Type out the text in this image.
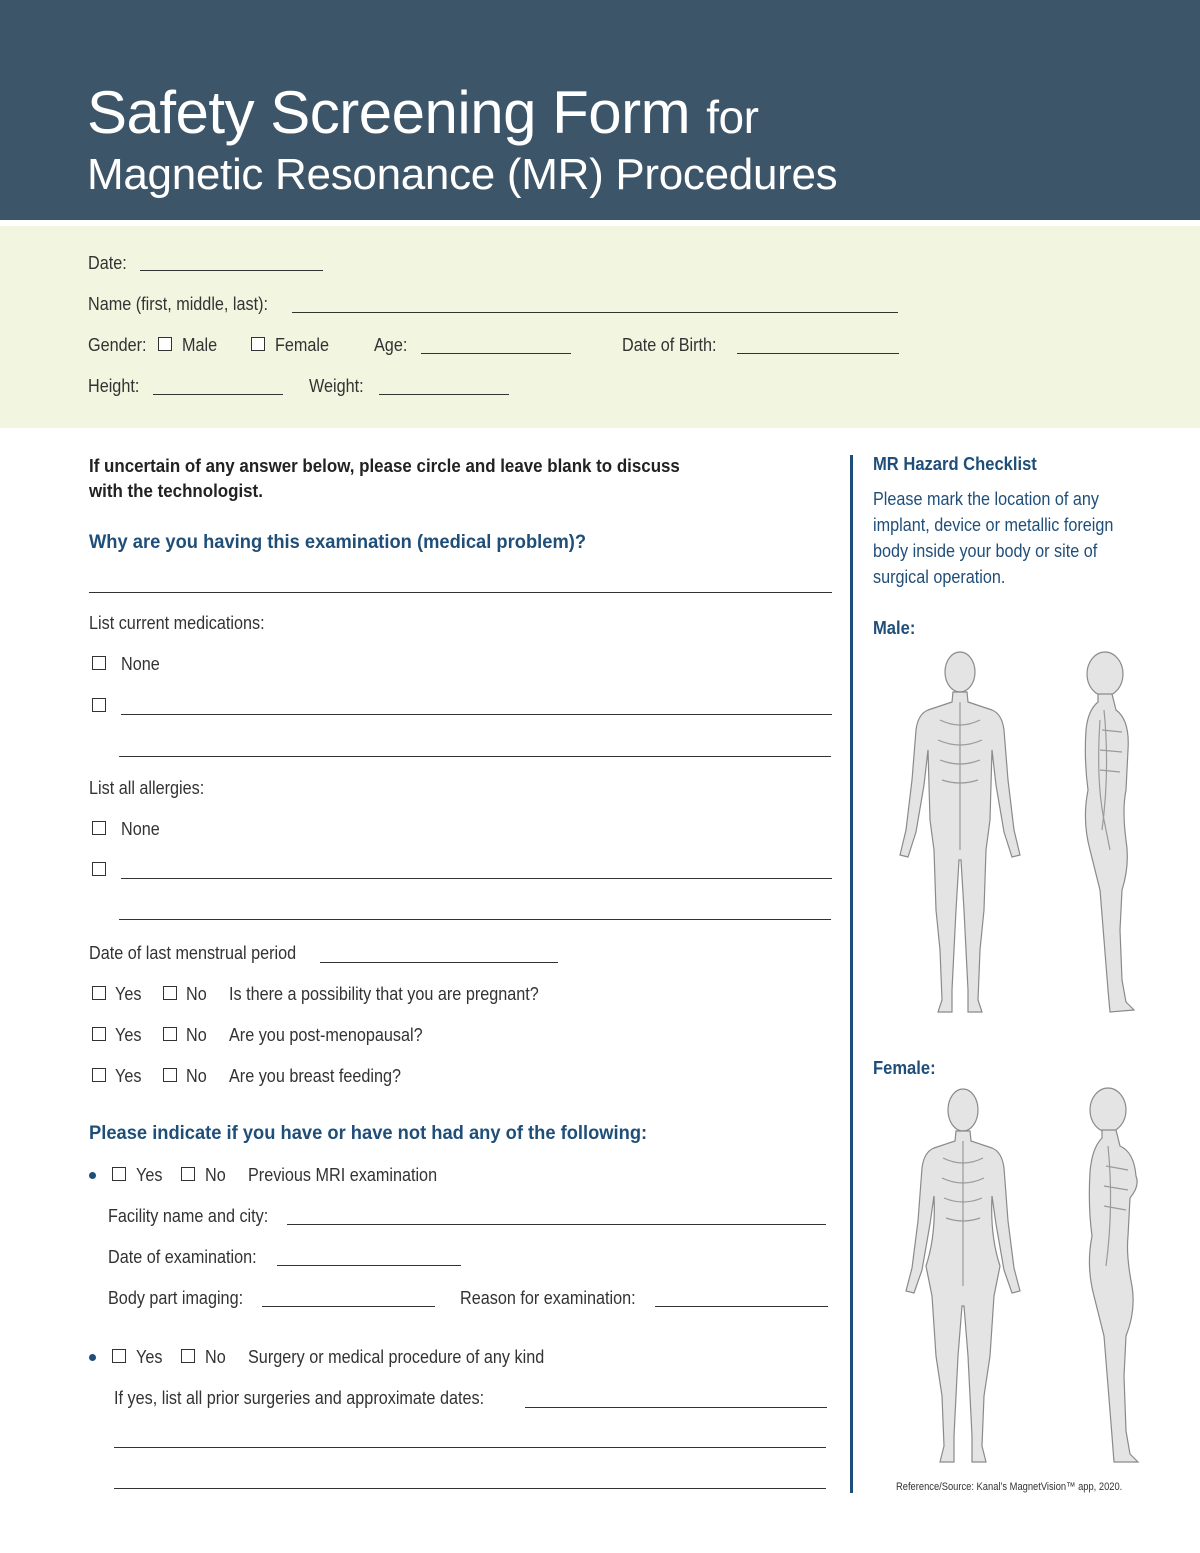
Safety Screening Form for
Magnetic Resonance (MR) Procedures
Date:
Name (first, middle, last):
Gender: Male	Female Age:	Date of Birth:
Height:	Weight:
If uncertain of any answer below, please circle and leave blank to discuss
with the technologist.
Why are you having this examination (medical problem)?
List current medications:
None
List all allergies:
None
Date of last menstrual period
Yes No Is there a possibility that you are pregnant?
Yes No Are you post-menopausal?
Yes No Are you breast feeding?
Please indicate if you have or have not had any of the following:
Yes No Previous MRI examination
Facility name and city:
Date of examination:
Body part imaging:	Reason for examination:
Yes No Surgery or medical procedure of any kind
If yes, list all prior surgeries and approximate dates:
MR Hazard Checklist
Please mark the location of any implant, device or metallic foreign body inside your body or site of surgical operation.
Male:
Female:
Reference/Source: Kanal’s MagnetVision™ app, 2020.
